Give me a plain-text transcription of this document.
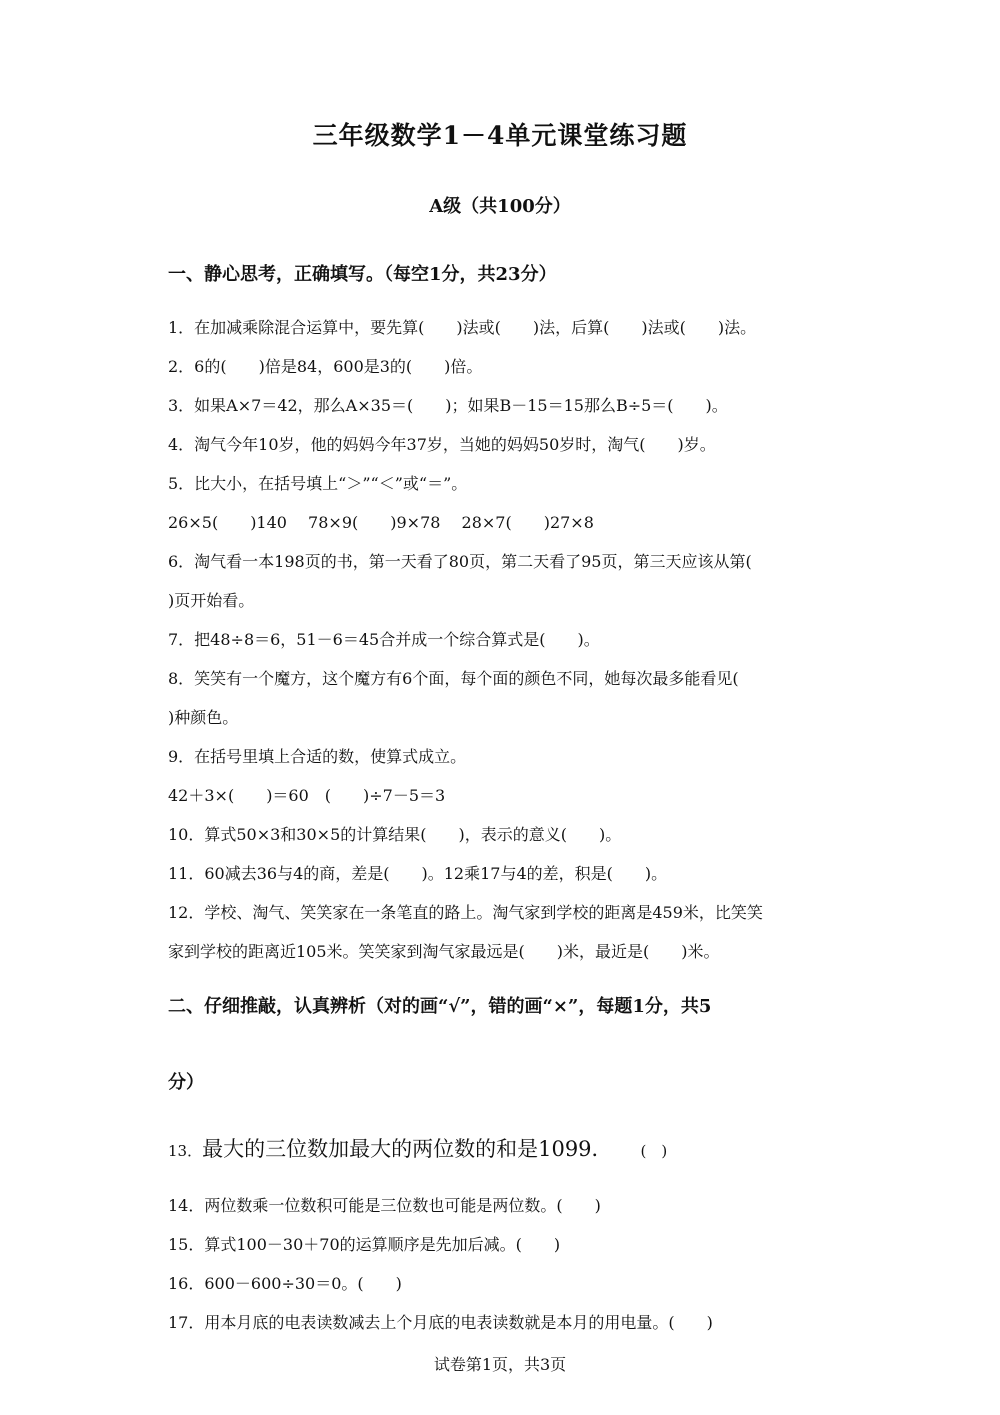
三年级数学1－4单元课堂练习题
A级（共100分）
一、静心思考，正确填写。（每空1分，共23分）
1．在加减乘除混合运算中，要先算(　　)法或(　　)法，后算(　　)法或(　　)法。
2．6的(　　)倍是84，600是3的(　　)倍。
3．如果A×7＝42，那么A×35＝(　　)；如果B－15＝15那么B÷5＝(　　)。
4．淘气今年10岁，他的妈妈今年37岁，当她的妈妈50岁时，淘气(　　)岁。
5．比大小，在括号填上“＞”“＜”或“＝”。
26×5(　　)140　 78×9(　　)9×78　 28×7(　　)27×8
6．淘气看一本198页的书，第一天看了80页，第二天看了95页，第三天应该从第(
)页开始看。
7．把48÷8＝6，51－6＝45合并成一个综合算式是(　　)。
8．笑笑有一个魔方，这个魔方有6个面，每个面的颜色不同，她每次最多能看见(
)种颜色。
9．在括号里填上合适的数，使算式成立。
42＋3×(　　)＝60　(　　)÷7－5＝3
10．算式50×3和30×5的计算结果(　　)，表示的意义(　　)。
11．60减去36与4的商，差是(　　)。12乘17与4的差，积是(　　)。
12．学校、淘气、笑笑家在一条笔直的路上。淘气家到学校的距离是459米，比笑笑
家到学校的距离近105米。笑笑家到淘气家最远是(　　)米，最近是(　　)米。
二、仔细推敲，认真辨析（对的画“√”，错的画“×”，每题1分，共5
分）
13．最大的三位数加最大的两位数的和是1099． (　)
14．两位数乘一位数积可能是三位数也可能是两位数。(　　)
15．算式100－30＋70的运算顺序是先加后减。(　　)
16．600－600÷30＝0。(　　)
17．用本月底的电表读数减去上个月底的电表读数就是本月的用电量。(　　)
试卷第1页，共3页
